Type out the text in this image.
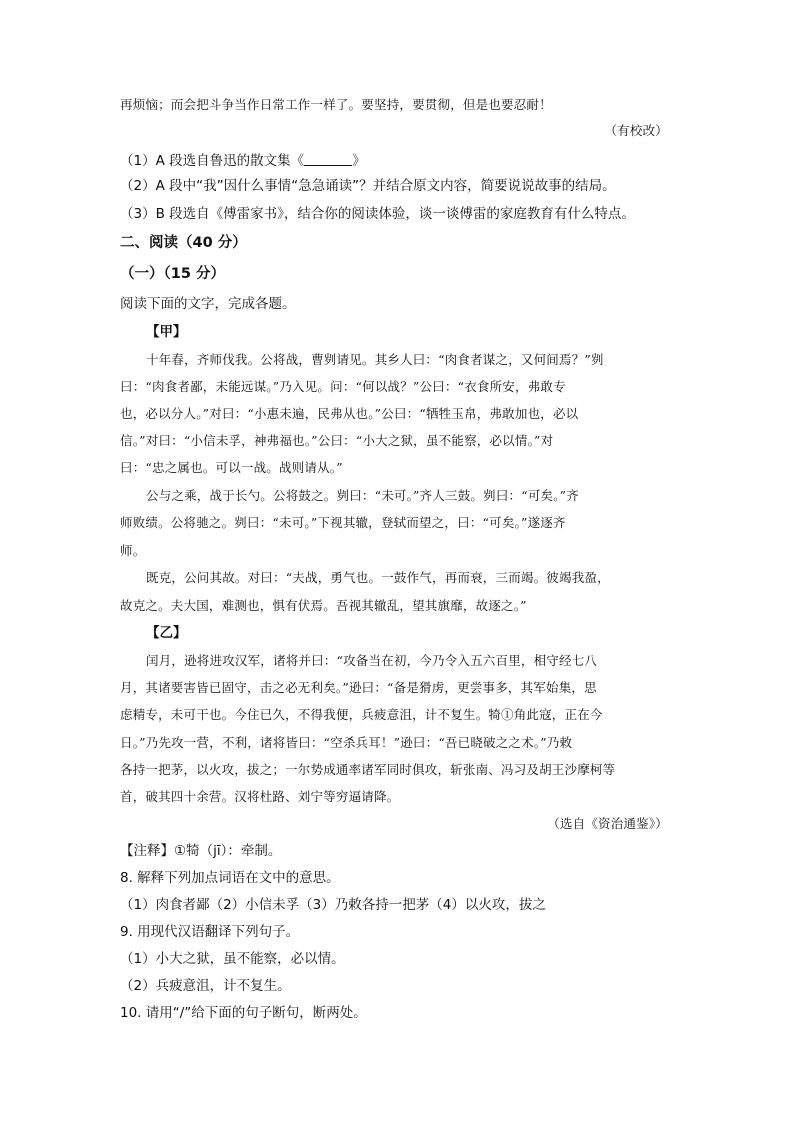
再烦恼；而会把斗争当作日常工作一样了。要坚持，要贯彻，但是也要忍耐！
（有校改）
（1）A 段选自鲁迅的散文集《	》
（2）A 段中“我”因什么事情“急急诵读”？并结合原文内容，简要说说故事的结局。
（3）B 段选自《傅雷家书》，结合你的阅读体验，谈一谈傅雷的家庭教育有什么特点。
二、阅读（40 分）
（一）（15 分）
阅读下面的文字，完成各题。
【甲】
十年春，齐师伐我。公将战，曹刿请见。其乡人曰：“肉食者谋之，又何间焉？”刿
曰：“肉食者鄙，未能远谋。”乃入见。问：“何以战？”公曰：“衣食所安，弗敢专
也，必以分人。”对曰：“小惠未遍，民弗从也。”公曰：“牺牲玉帛，弗敢加也，必以
信。”对曰：“小信未孚，神弗福也。”公曰：“小大之狱，虽不能察，必以情。”对
曰：“忠之属也。可以一战。战则请从。”
公与之乘，战于长勺。公将鼓之。刿曰：“未可。”齐人三鼓。刿曰：“可矣。”齐
师败绩。公将驰之。刿曰：“未可。”下视其辙，登轼而望之，曰：“可矣。”遂逐齐
师。
既克，公问其故。对曰：“夫战，勇气也。一鼓作气，再而衰，三而竭。彼竭我盈，
故克之。夫大国，难测也，惧有伏焉。吾视其辙乱，望其旗靡，故逐之。”
【乙】
闰月，逊将进攻汉军，诸将并曰：“攻备当在初，今乃令入五六百里，相守经七八
月，其诸要害皆已固守，击之必无利矣。”逊曰：“备是猾虏，更尝事多，其军始集，思
虑精专，未可干也。今住已久，不得我便，兵疲意沮，计不复生。犄①角此寇，正在今
日。”乃先攻一营，不利，诸将皆曰：“空杀兵耳！”逊曰：“吾已晓破之之术。”乃敕
各持一把茅，以火攻，拔之；一尔势成通率诸军同时俱攻，斩张南、冯习及胡王沙摩柯等
首，破其四十余营。汉将杜路、刘宁等穷逼请降。
（选自《资治通鉴》）
【注释】①犄（jī）：牵制。
8. 解释下列加点词语在文中的意思。
（1）肉食者鄙（2）小信未孚（3）乃敕各持一把茅（4）以火攻，拔之
9. 用现代汉语翻译下列句子。
（1）小大之狱，虽不能察，必以情。
（2）兵疲意沮，计不复生。
10. 请用“/”给下面的句子断句，断两处。
